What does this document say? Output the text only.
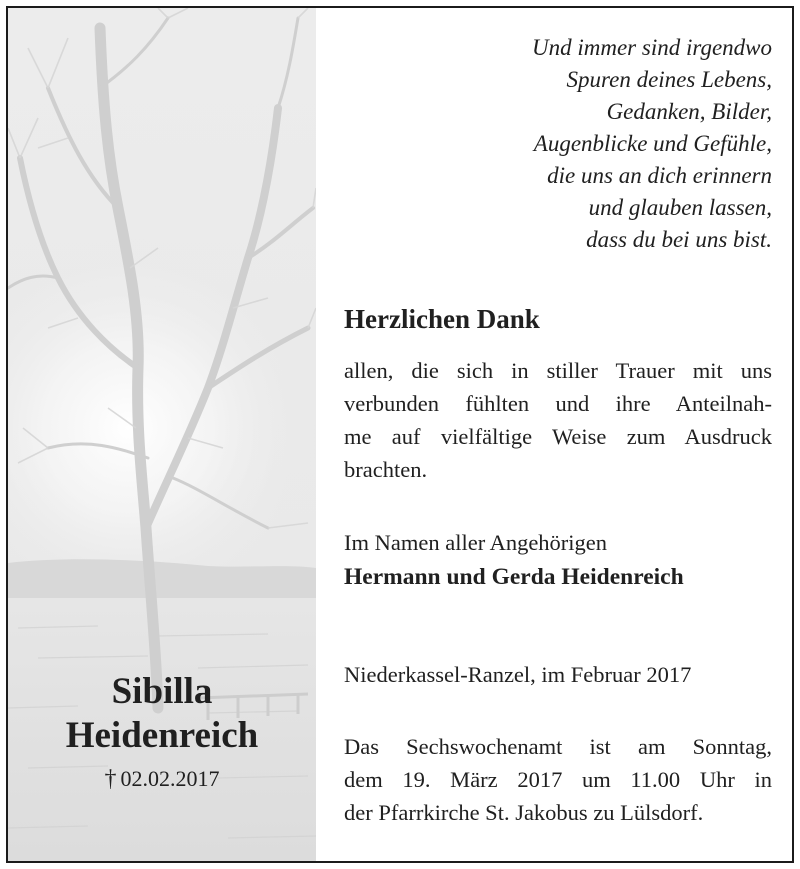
Sibilla
Heidenreich
† 02.02.2017
Und immer sind irgendwo
Spuren deines Lebens,
Gedanken, Bilder,
Augenblicke und Gefühle,
die uns an dich erinnern
und glauben lassen,
dass du bei uns bist.
Herzlichen Dank
allen, die sich in stiller Trauer mit uns
verbunden fühlten und ihre Anteilnah-
me auf vielfältige Weise zum Ausdruck
brachten.
Im Namen aller Angehörigen
Hermann und Gerda Heidenreich
Niederkassel-Ranzel, im Februar 2017
Das Sechswochenamt ist am Sonntag,
dem 19. März 2017 um 11.00 Uhr in
der Pfarrkirche St. Jakobus zu Lülsdorf.
